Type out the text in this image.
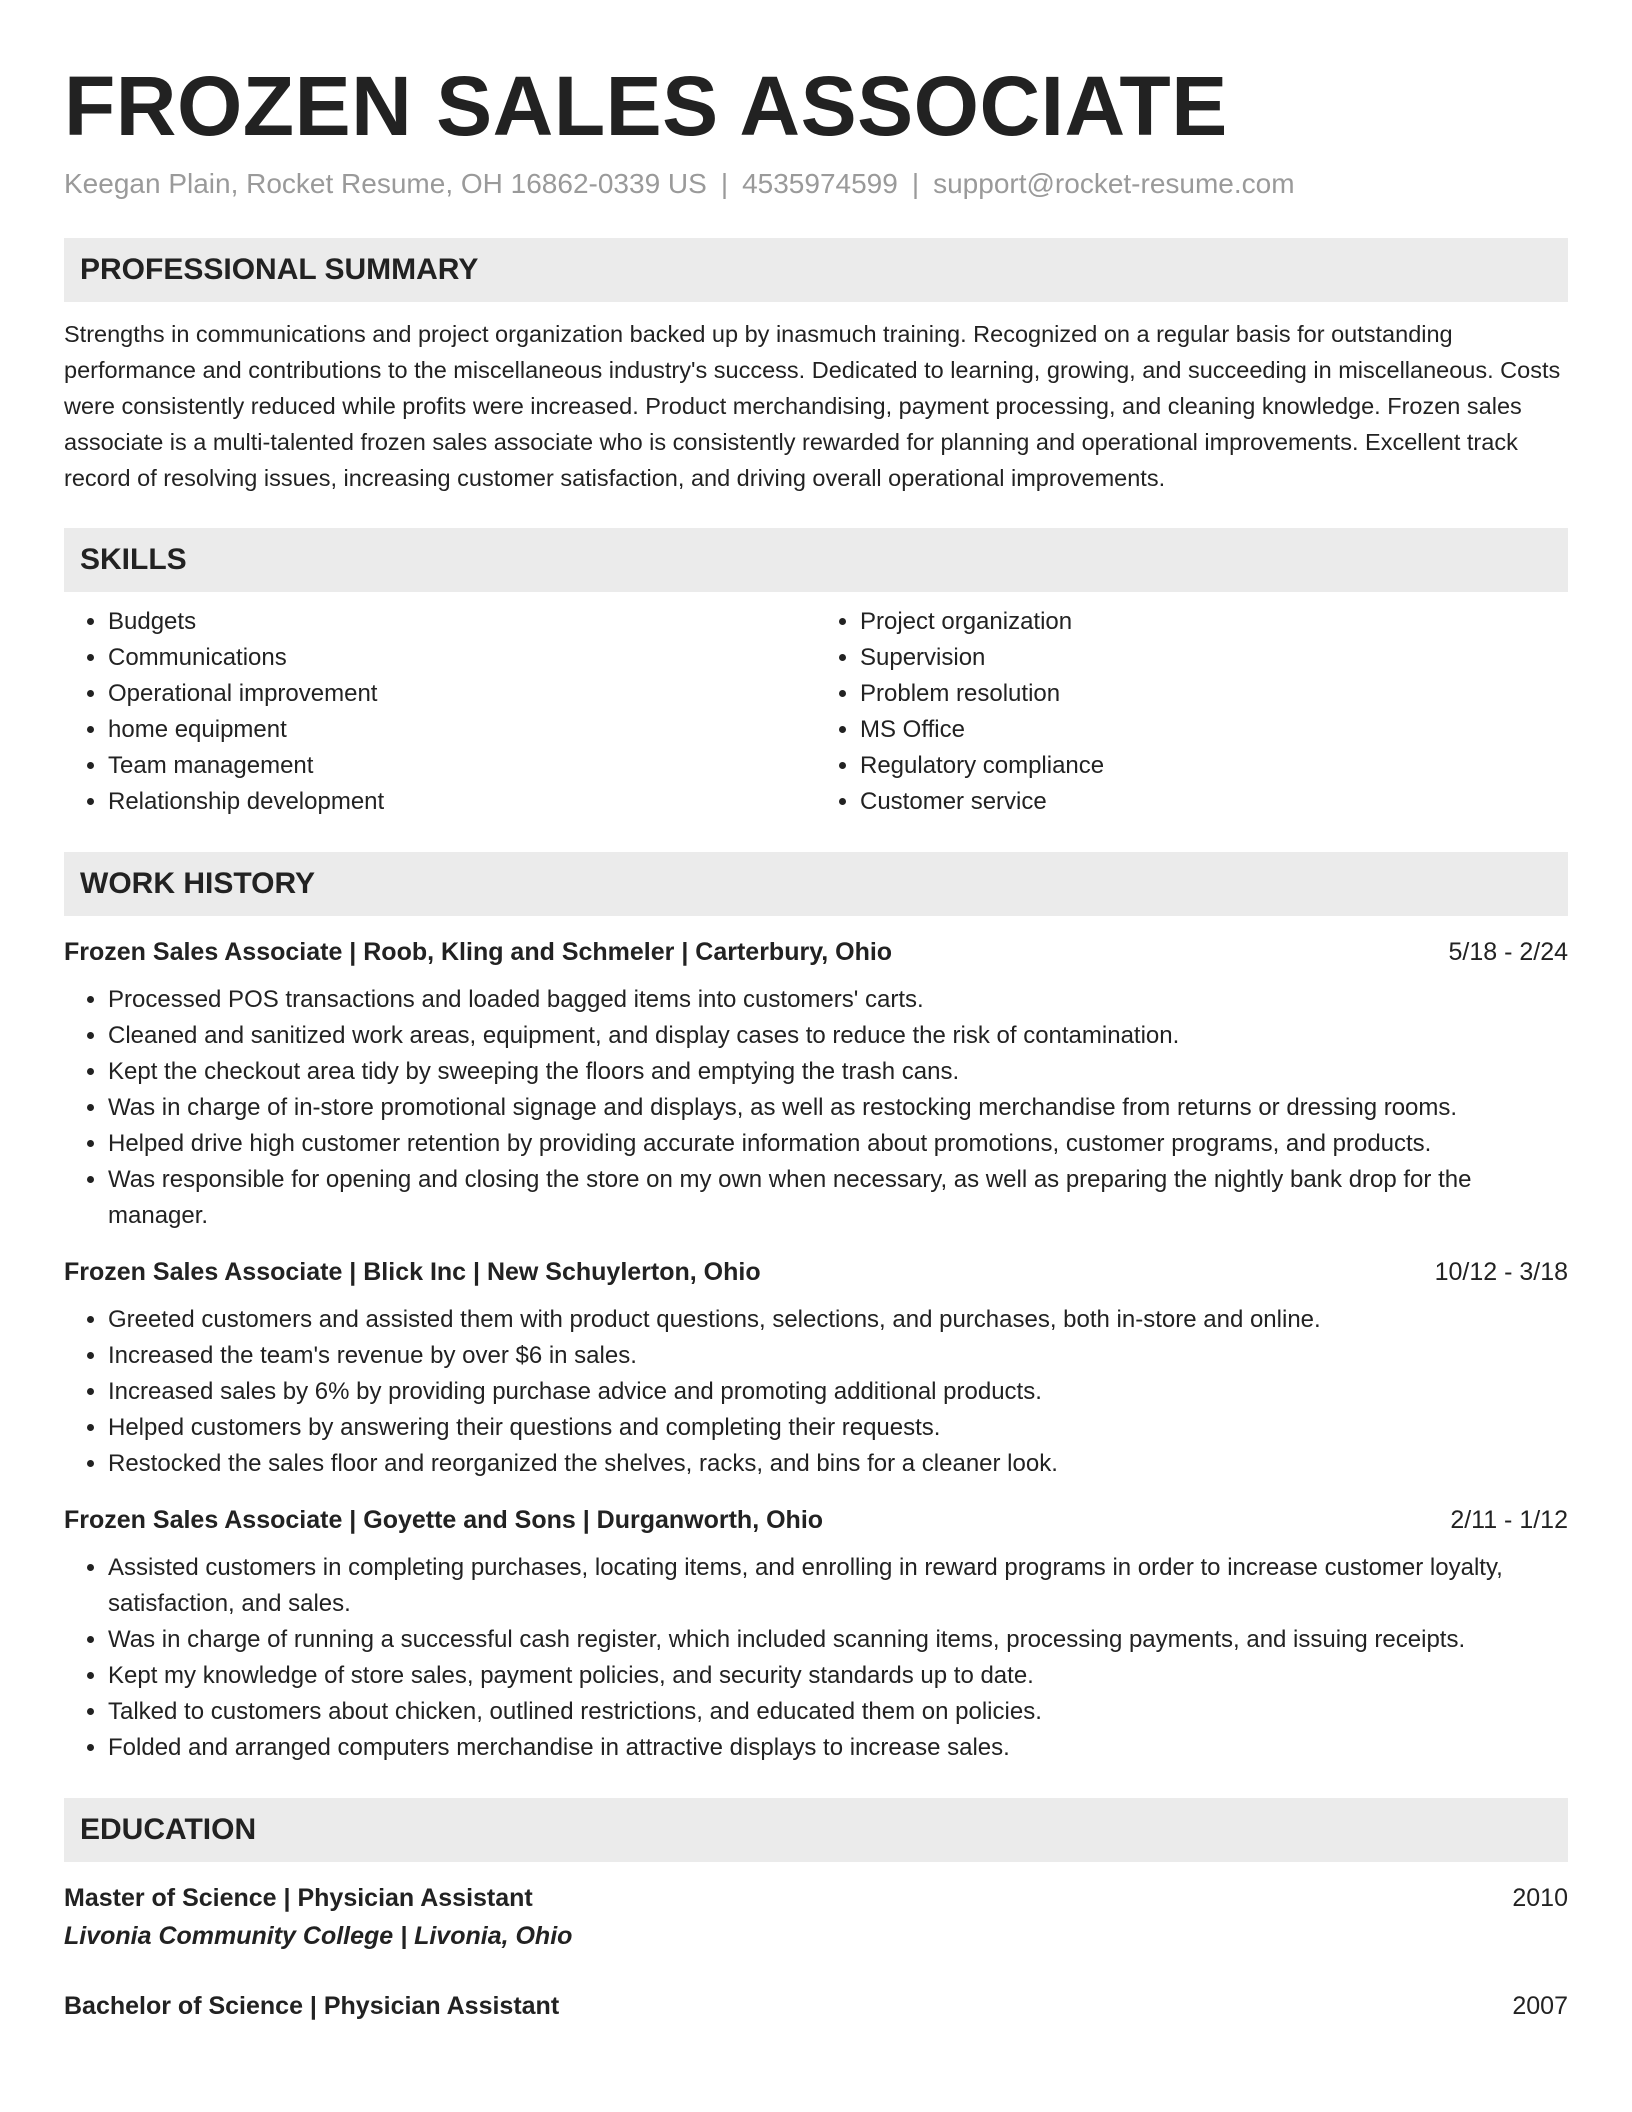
FROZEN SALES ASSOCIATE
Keegan Plain, Rocket Resume, OH 16862-0339 US | 4535974599 | support@rocket-resume.com
PROFESSIONAL SUMMARY
Strengths in communications and project organization backed up by inasmuch training. Recognized on a regular basis for outstanding performance and contributions to the miscellaneous industry's success. Dedicated to learning, growing, and succeeding in miscellaneous. Costs were consistently reduced while profits were increased. Product merchandising, payment processing, and cleaning knowledge. Frozen sales associate is a multi-talented frozen sales associate who is consistently rewarded for planning and operational improvements. Excellent track record of resolving issues, increasing customer satisfaction, and driving overall operational improvements.
SKILLS
• Budgets
• Communications
• Operational improvement
• home equipment
• Team management
• Relationship development
• Project organization
• Supervision
• Problem resolution
• MS Office
• Regulatory compliance
• Customer service
WORK HISTORY
Frozen Sales Associate | Roob, Kling and Schmeler | Carterbury, Ohio	5/18 - 2/24
• Processed POS transactions and loaded bagged items into customers' carts.
• Cleaned and sanitized work areas, equipment, and display cases to reduce the risk of contamination.
• Kept the checkout area tidy by sweeping the floors and emptying the trash cans.
• Was in charge of in-store promotional signage and displays, as well as restocking merchandise from returns or dressing rooms.
• Helped drive high customer retention by providing accurate information about promotions, customer programs, and products.
• Was responsible for opening and closing the store on my own when necessary, as well as preparing the nightly bank drop for the manager.
Frozen Sales Associate | Blick Inc | New Schuylerton, Ohio	10/12 - 3/18
• Greeted customers and assisted them with product questions, selections, and purchases, both in-store and online.
• Increased the team's revenue by over $6 in sales.
• Increased sales by 6% by providing purchase advice and promoting additional products.
• Helped customers by answering their questions and completing their requests.
• Restocked the sales floor and reorganized the shelves, racks, and bins for a cleaner look.
Frozen Sales Associate | Goyette and Sons | Durganworth, Ohio	2/11 - 1/12
• Assisted customers in completing purchases, locating items, and enrolling in reward programs in order to increase customer loyalty, satisfaction, and sales.
• Was in charge of running a successful cash register, which included scanning items, processing payments, and issuing receipts.
• Kept my knowledge of store sales, payment policies, and security standards up to date.
• Talked to customers about chicken, outlined restrictions, and educated them on policies.
• Folded and arranged computers merchandise in attractive displays to increase sales.
EDUCATION
Master of Science | Physician Assistant	2010
Livonia Community College | Livonia, Ohio
Bachelor of Science | Physician Assistant	2007
